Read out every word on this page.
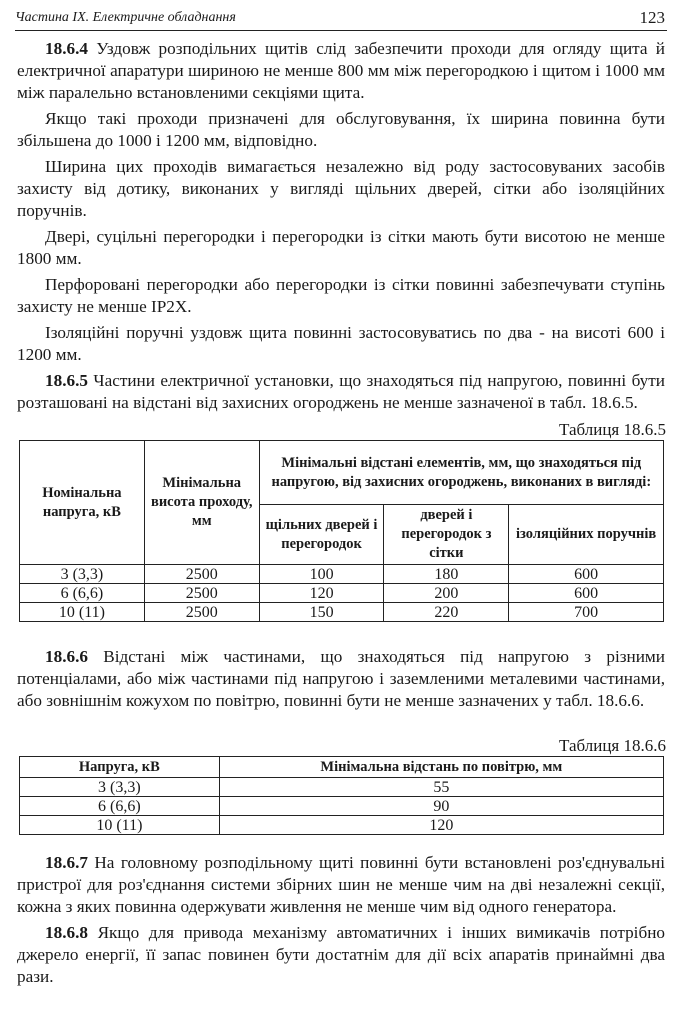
Частина IX. Електричне обладнання	123

18.6.4 Уздовж розподільних щитів слід забезпечити проходи для огляду щита й електричної апаратури шириною не менше 800 мм між перегородкою і щитом і 1000 мм між паралельно встановленими секціями щита.

Якщо такі проходи призначені для обслуговування, їх ширина повинна бути збільшена до 1000 і 1200 мм, відповідно.

Ширина цих проходів вимагається незалежно від роду застосовуваних засобів захисту від дотику, виконаних у вигляді щільних дверей, сітки або ізоляційних поручнів.

Двері, суцільні перегородки і перегородки із сітки мають бути висотою не менше 1800 мм.

Перфоровані перегородки або перегородки із сітки повинні забезпечувати ступінь захисту не менше IP2X.

Ізоляційні поручні уздовж щита повинні застосовуватись по два - на висоті 600 і 1200 мм.

18.6.5 Частини електричної установки, що знаходяться під напругою, повинні бути розташовані на відстані від захисних огороджень не менше зазначеної в табл. 18.6.5.

Таблиця 18.6.5
Номінальна напруга, кВ	Мінімальна висота проходу, мм	Мінімальні відстані елементів, мм, що знаходяться під напругою, від захисних огороджень, виконаних в вигляді:		
		щільних дверей і перегородок	дверей і перегородок з сітки	ізоляційних поручнів
3 (3,3)	2500	100	180	600
6 (6,6)	2500	120	200	600
10 (11)	2500	150	220	700

18.6.6 Відстані між частинами, що знаходяться під напругою з різними потенціалами, або між частинами під напругою і заземленими металевими частинами, або зовнішнім кожухом по повітрю, повинні бути не менше зазначених у табл. 18.6.6.

Таблиця 18.6.6
Напруга, кВ	Мінімальна відстань по повітрю, мм
3 (3,3)	55
6 (6,6)	90
10 (11)	120

18.6.7 На головному розподільному щиті повинні бути встановлені роз'єднувальні пристрої для роз'єднання системи збірних шин не менше чим на дві незалежні секції, кожна з яких повинна одержувати живлення не менше чим від одного генератора.

18.6.8 Якщо для привода механізму автоматичних і інших вимикачів потрібно джерело енергії, її запас повинен бути достатнім для дії всіх апаратів принаймні два рази.
